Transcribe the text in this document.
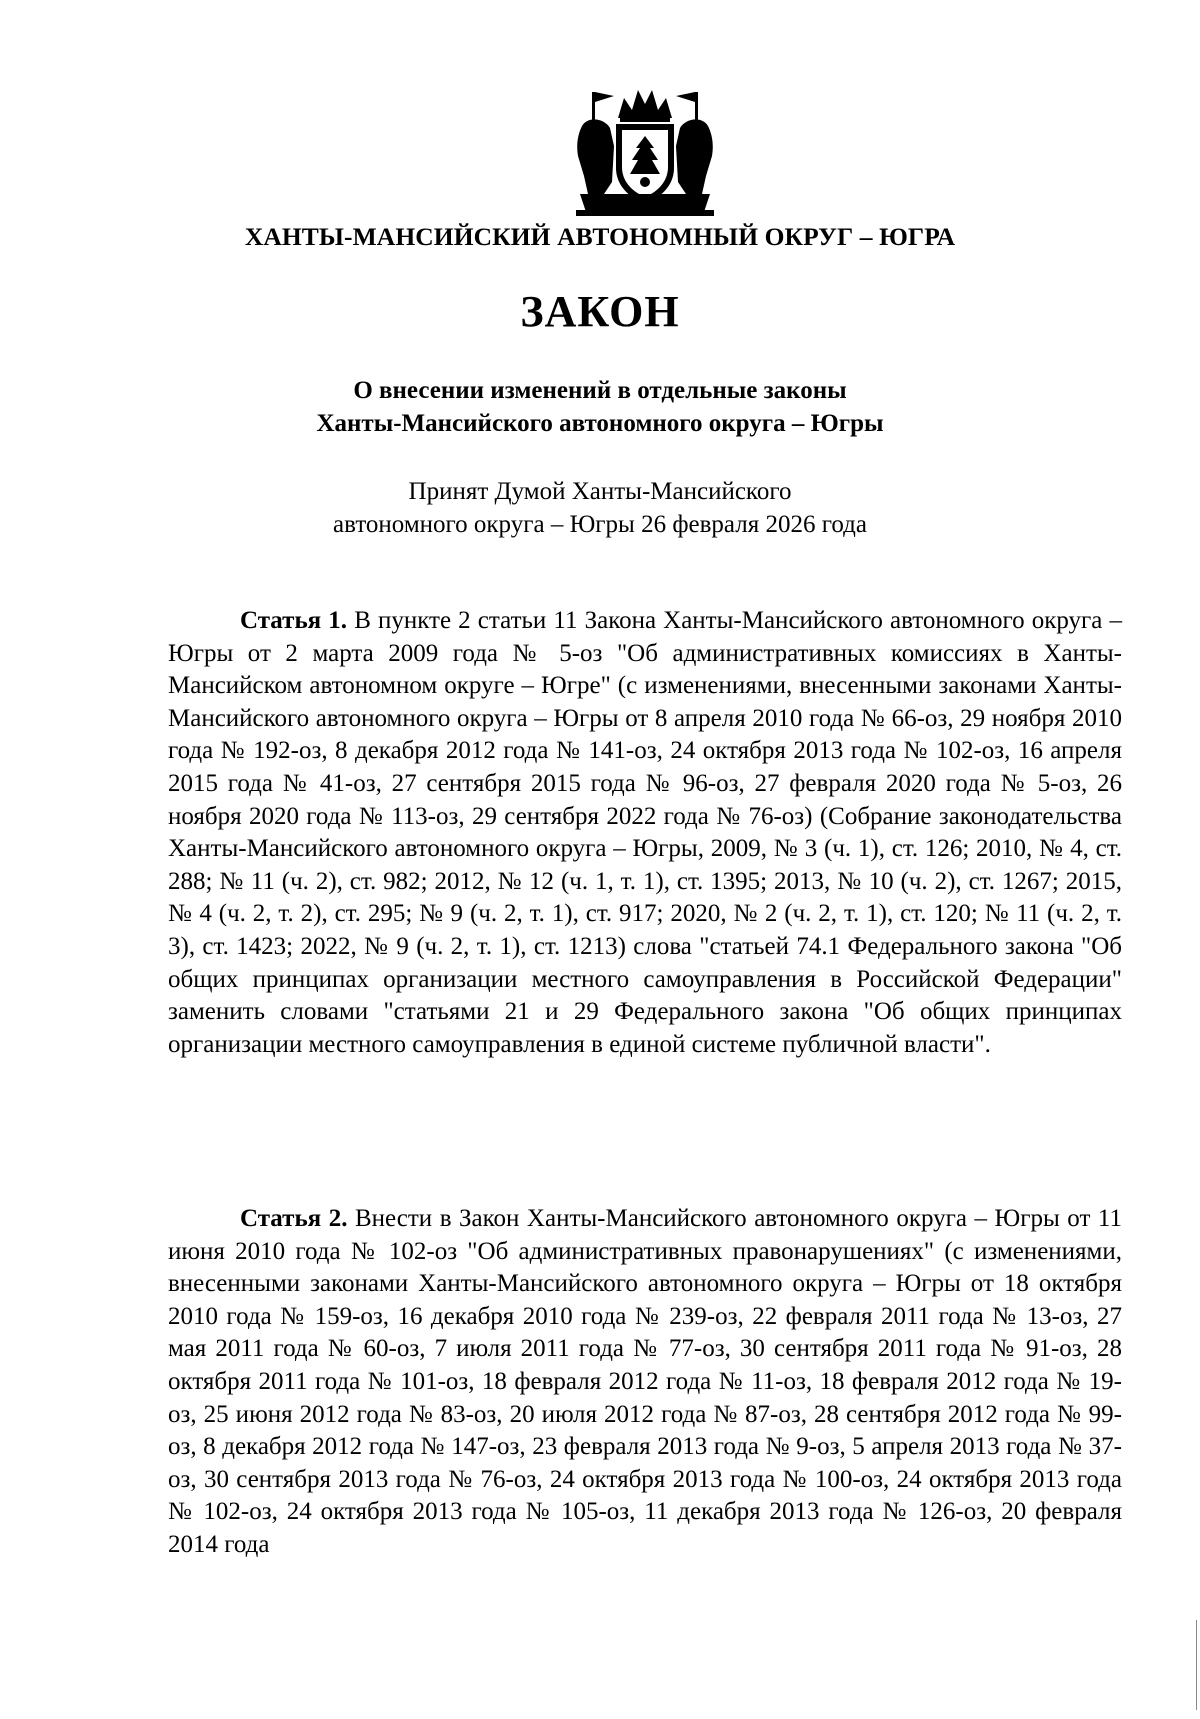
ХАНТЫ-МАНСИЙСКИЙ АВТОНОМНЫЙ ОКРУГ – ЮГРА
ЗАКОН
О внесении изменений в отдельные законы
Ханты-Мансийского автономного округа – Югры
Принят Думой Ханты-Мансийского
автономного округа – Югры 26 февраля 2026 года

Статья 1. В пункте 2 статьи 11 Закона Ханты-Мансийского автономного округа – Югры от 2 марта 2009 года № 5-оз "Об административных комиссиях в Ханты-Мансийском автономном округе – Югре" (с изменениями, внесенными законами Ханты-Мансийского автономного округа – Югры от 8 апреля 2010 года № 66-оз, 29 ноября 2010 года № 192-оз, 8 декабря 2012 года № 141-оз, 24 октября 2013 года № 102-оз, 16 апреля 2015 года № 41-оз, 27 сентября 2015 года № 96-оз, 27 февраля 2020 года № 5-оз, 26 ноября 2020 года № 113-оз, 29 сентября 2022 года № 76-оз) (Собрание законодательства Ханты-Мансийского автономного округа – Югры, 2009, № 3 (ч. 1), ст. 126; 2010, № 4, ст. 288; № 11 (ч. 2), ст. 982; 2012, № 12 (ч. 1, т. 1), ст. 1395; 2013, № 10 (ч. 2), ст. 1267; 2015, № 4 (ч. 2, т. 2), ст. 295; № 9 (ч. 2, т. 1), ст. 917; 2020, № 2 (ч. 2, т. 1), ст. 120; № 11 (ч. 2, т. 3), ст. 1423; 2022, № 9 (ч. 2, т. 1), ст. 1213) слова "статьей 74.1 Федерального закона "Об общих принципах организации местного самоуправления в Российской Федерации" заменить словами "статьями 21 и 29 Федерального закона "Об общих принципах организации местного самоуправления в единой системе публичной власти".

Статья 2. Внести в Закон Ханты-Мансийского автономного округа – Югры от 11 июня 2010 года № 102-оз "Об административных правонарушениях" (с изменениями, внесенными законами Ханты-Мансийского автономного округа – Югры от 18 октября 2010 года № 159-оз, 16 декабря 2010 года № 239-оз, 22 февраля 2011 года № 13-оз, 27 мая 2011 года № 60-оз, 7 июля 2011 года № 77-оз, 30 сентября 2011 года № 91-оз, 28 октября 2011 года № 101-оз, 18 февраля 2012 года № 11-оз, 18 февраля 2012 года № 19-оз, 25 июня 2012 года № 83-оз, 20 июля 2012 года № 87-оз, 28 сентября 2012 года № 99-оз, 8 декабря 2012 года № 147-оз, 23 февраля 2013 года № 9-оз, 5 апреля 2013 года № 37-оз, 30 сентября 2013 года № 76-оз, 24 октября 2013 года № 100-оз, 24 октября 2013 года № 102-оз, 24 октября 2013 года № 105-оз, 11 декабря 2013 года № 126-оз, 20 февраля 2014 года
